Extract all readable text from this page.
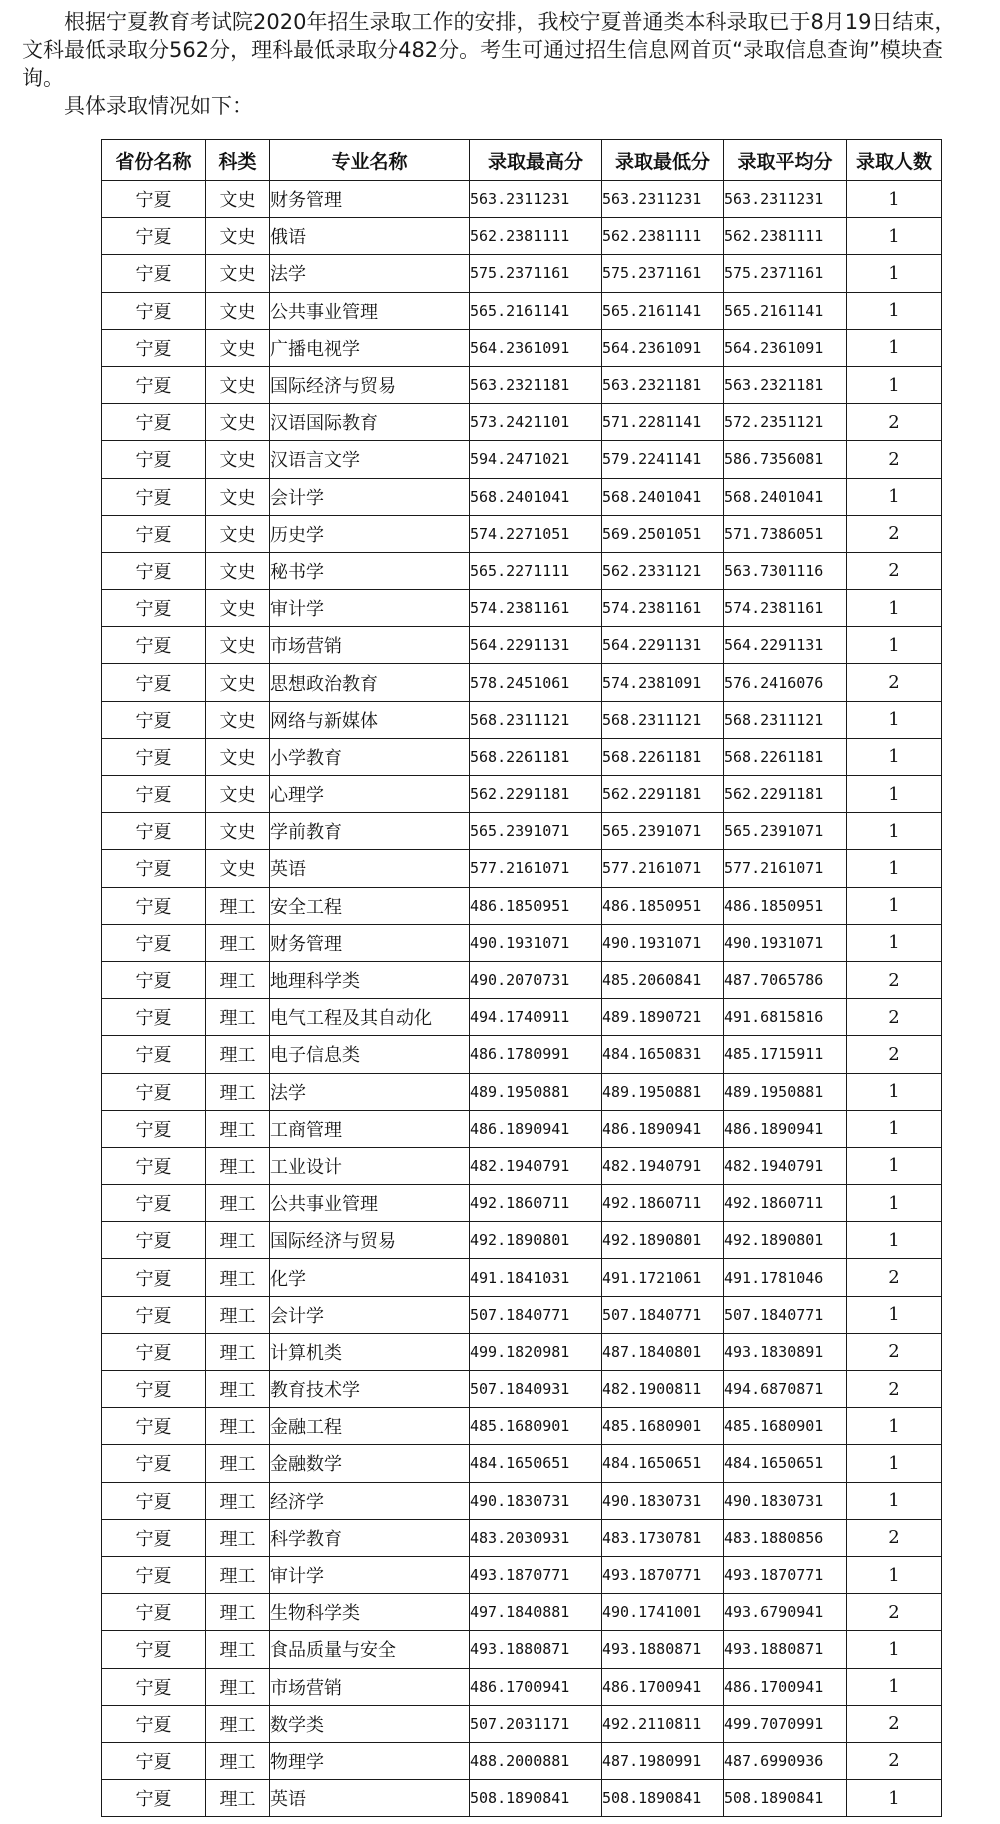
根据宁夏教育考试院2020年招生录取工作的安排，我校宁夏普通类本科录取已于8月19日结束，文科最低录取分562分，理科最低录取分482分。考生可通过招生信息网首页“录取信息查询”模块查询。

具体录取情况如下：

省份名称	科类	专业名称	录取最高分	录取最低分	录取平均分	录取人数
宁夏	文史	财务管理	563.2311231	563.2311231	563.2311231	1
宁夏	文史	俄语	562.2381111	562.2381111	562.2381111	1
宁夏	文史	法学	575.2371161	575.2371161	575.2371161	1
宁夏	文史	公共事业管理	565.2161141	565.2161141	565.2161141	1
宁夏	文史	广播电视学	564.2361091	564.2361091	564.2361091	1
宁夏	文史	国际经济与贸易	563.2321181	563.2321181	563.2321181	1
宁夏	文史	汉语国际教育	573.2421101	571.2281141	572.2351121	2
宁夏	文史	汉语言文学	594.2471021	579.2241141	586.7356081	2
宁夏	文史	会计学	568.2401041	568.2401041	568.2401041	1
宁夏	文史	历史学	574.2271051	569.2501051	571.7386051	2
宁夏	文史	秘书学	565.2271111	562.2331121	563.7301116	2
宁夏	文史	审计学	574.2381161	574.2381161	574.2381161	1
宁夏	文史	市场营销	564.2291131	564.2291131	564.2291131	1
宁夏	文史	思想政治教育	578.2451061	574.2381091	576.2416076	2
宁夏	文史	网络与新媒体	568.2311121	568.2311121	568.2311121	1
宁夏	文史	小学教育	568.2261181	568.2261181	568.2261181	1
宁夏	文史	心理学	562.2291181	562.2291181	562.2291181	1
宁夏	文史	学前教育	565.2391071	565.2391071	565.2391071	1
宁夏	文史	英语	577.2161071	577.2161071	577.2161071	1
宁夏	理工	安全工程	486.1850951	486.1850951	486.1850951	1
宁夏	理工	财务管理	490.1931071	490.1931071	490.1931071	1
宁夏	理工	地理科学类	490.2070731	485.2060841	487.7065786	2
宁夏	理工	电气工程及其自动化	494.1740911	489.1890721	491.6815816	2
宁夏	理工	电子信息类	486.1780991	484.1650831	485.1715911	2
宁夏	理工	法学	489.1950881	489.1950881	489.1950881	1
宁夏	理工	工商管理	486.1890941	486.1890941	486.1890941	1
宁夏	理工	工业设计	482.1940791	482.1940791	482.1940791	1
宁夏	理工	公共事业管理	492.1860711	492.1860711	492.1860711	1
宁夏	理工	国际经济与贸易	492.1890801	492.1890801	492.1890801	1
宁夏	理工	化学	491.1841031	491.1721061	491.1781046	2
宁夏	理工	会计学	507.1840771	507.1840771	507.1840771	1
宁夏	理工	计算机类	499.1820981	487.1840801	493.1830891	2
宁夏	理工	教育技术学	507.1840931	482.1900811	494.6870871	2
宁夏	理工	金融工程	485.1680901	485.1680901	485.1680901	1
宁夏	理工	金融数学	484.1650651	484.1650651	484.1650651	1
宁夏	理工	经济学	490.1830731	490.1830731	490.1830731	1
宁夏	理工	科学教育	483.2030931	483.1730781	483.1880856	2
宁夏	理工	审计学	493.1870771	493.1870771	493.1870771	1
宁夏	理工	生物科学类	497.1840881	490.1741001	493.6790941	2
宁夏	理工	食品质量与安全	493.1880871	493.1880871	493.1880871	1
宁夏	理工	市场营销	486.1700941	486.1700941	486.1700941	1
宁夏	理工	数学类	507.2031171	492.2110811	499.7070991	2
宁夏	理工	物理学	488.2000881	487.1980991	487.6990936	2
宁夏	理工	英语	508.1890841	508.1890841	508.1890841	1
